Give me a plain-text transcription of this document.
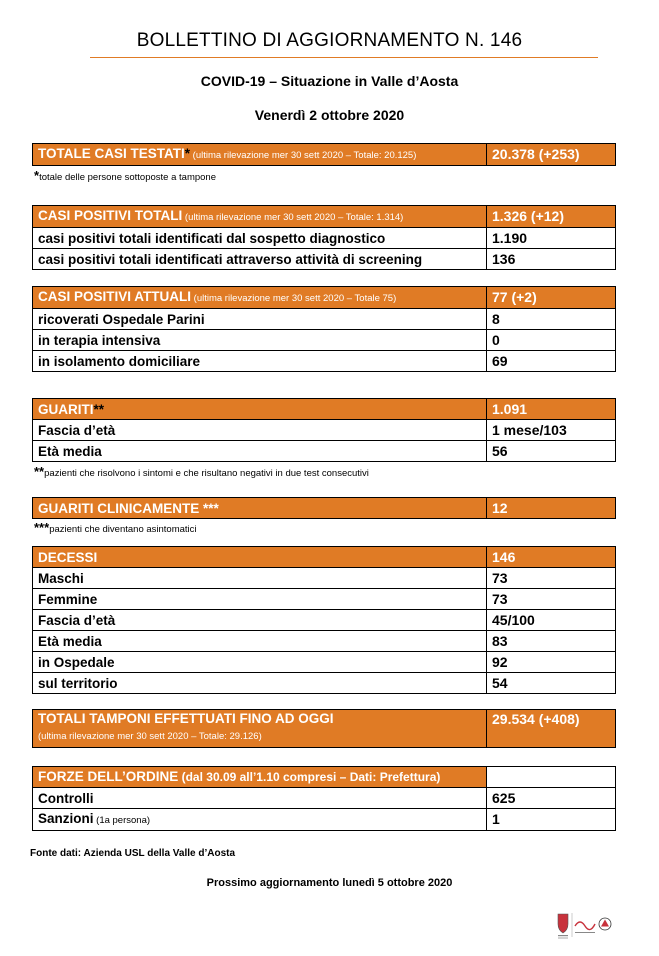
BOLLETTINO DI AGGIORNAMENTO N. 146
COVID-19 – Situazione in Valle d’Aosta
Venerdì 2 ottobre 2020
TOTALE CASI TESTATI* (ultima rilevazione mer 30 sett 2020 – Totale: 20.125)	20.378 (+253)
*totale delle persone sottoposte a tampone
CASI POSITIVI TOTALI (ultima rilevazione mer 30 sett 2020 – Totale: 1.314)	1.326 (+12)
casi positivi totali identificati dal sospetto diagnostico	1.190
casi positivi totali identificati attraverso attività di screening	136
CASI POSITIVI ATTUALI (ultima rilevazione mer 30 sett 2020 – Totale 75)	77 (+2)
ricoverati Ospedale Parini	8
in terapia intensiva	0
in isolamento domiciliare	69
GUARITI**	1.091
Fascia d’età	1 mese/103
Età media	56
**pazienti che risolvono i sintomi e che risultano negativi in due test consecutivi
GUARITI CLINICAMENTE ***	12
***pazienti che diventano asintomatici
DECESSI	146
Maschi	73
Femmine	73
Fascia d’età	45/100
Età media	83
in Ospedale	92
sul territorio	54
TOTALI TAMPONI EFFETTUATI FINO AD OGGI
(ultima rilevazione mer 30 sett 2020 – Totale: 29.126)	29.534 (+408)
FORZE DELL’ORDINE (dal 30.09 all’1.10 compresi – Dati: Prefettura)	
Controlli	625
Sanzioni (1a persona)	1
Fonte dati: Azienda USL della Valle d’Aosta
Prossimo aggiornamento lunedì 5 ottobre 2020
